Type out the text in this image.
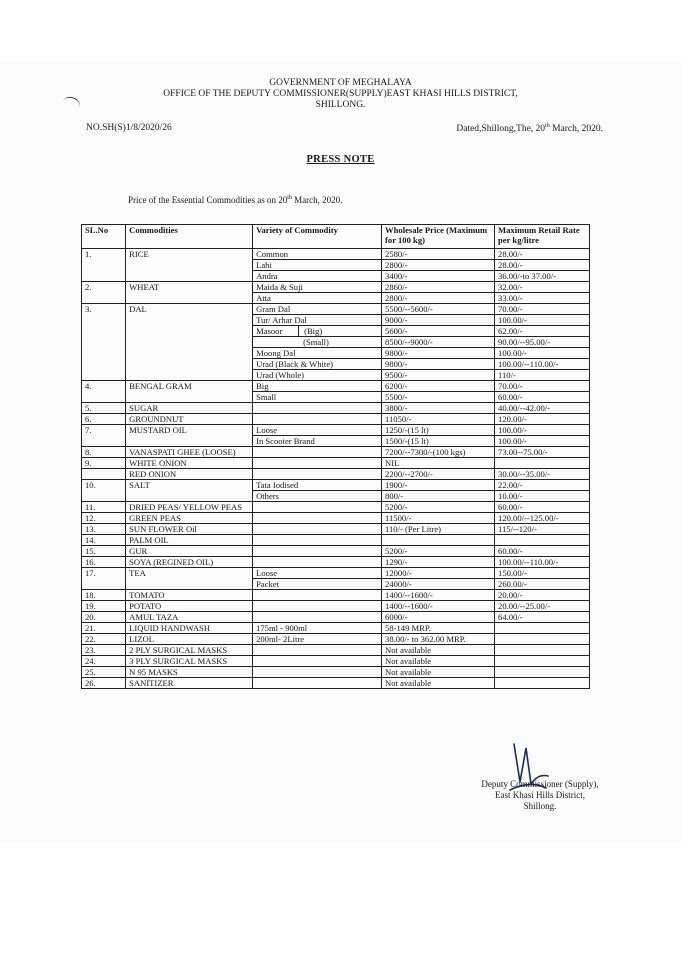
GOVERNMENT OF MEGHALAYA
OFFICE OF THE DEPUTY COMMISSIONER(SUPPLY)EAST KHASI HILLS DISTRICT,
SHILLONG.
NO.SH(S)1/8/2020/26	Dated,Shillong,The, 20th March, 2020.
PRESS NOTE
Price of the Essential Commodities as on 20th March, 2020.
SL.No	Commodities	Variety of Commodity	Wholesale Price (Maximum for 100 kg)	Maximum Retail Rate per kg/litre
1.	RICE	Common	2580/-	28.00/-
		Lahi	2800/-	28.00/-
		Andra	3400/-	36.00/-to 37.00/-
2.	WHEAT	Maida & Suji	2860/-	32.00/-
		Atta	2800/-	33.00/-
3.	DAL	Gram Dal	5500/--5600/-	70.00/-
		Tur/ Arhar Dal	9000/-	100.00/-
		Masoor (Big)	5600/-	62.00/-
		(Small)	8500/--9000/-	90.00/--95.00/-
		Moong Dal	9800/-	100.00/-
		Urad (Black & White)	9800/-	100.00/--110.00/-
		Urad (Whole)	9500/-	110/-
4.	BENGAL GRAM	Big	6200/-	70.00/-
		Small	5500/-	60.00/-
5.	SUGAR		3800/-	40.00/--42.00/-
6.	GROUNDNUT		11050/-	120.00/-
7.	MUSTARD OIL	Loose	1250/-(15 lt)	100.00/-
		In Scooter Brand	1500/-(15 lt)	100.00/-
8.	VANASPATI GHEE (LOOSE)		7200/--7300/-(100 kgs)	73.00--75.00/-
9.	WHITE ONION		NIL	
	RED ONION		2200/--2700/-	30.00/--35.00/-
10.	SALT	Tata Iodised	1900/-	22.00/-
		Others	800/-	10.00/-
11.	DRIED PEAS/ YELLOW PEAS		5200/-	60.00/-
12.	GREEN PEAS		11500/-	120.00/--125.00/-
13.	SUN FLOWER Oil		110/- (Per Litre)	115/--120/-
14.	PALM OIL			
15.	GUR		5200/-	60.00/-
16.	SOYA (REGINED OIL)		1290/-	100.00/--110.00/-
17.	TEA	Loose	12000/-	150.00/-
		Packet	24000/-	260.00/-
18.	TOMATO		1400/--1600/-	20.00/-
19.	POTATO		1400/--1600/-	20.00/--25.00/-
20.	AMUL TAZA		6000/-	64.00/-
21.	LIQUID HANDWASH	175ml - 900ml	58-149 MRP.	
22.	LIZOL	200ml- 2Litre	38.00/- to 362.00 MRP.	
23.	2 PLY SURGICAL MASKS		Not available	
24.	3 PLY SURGICAL MASKS		Not available	
25.	N 95 MASKS		Not available	
26.	SANITIZER		Not available	
Deputy Commissioner (Supply),
East Khasi Hills District,
Shillong.
